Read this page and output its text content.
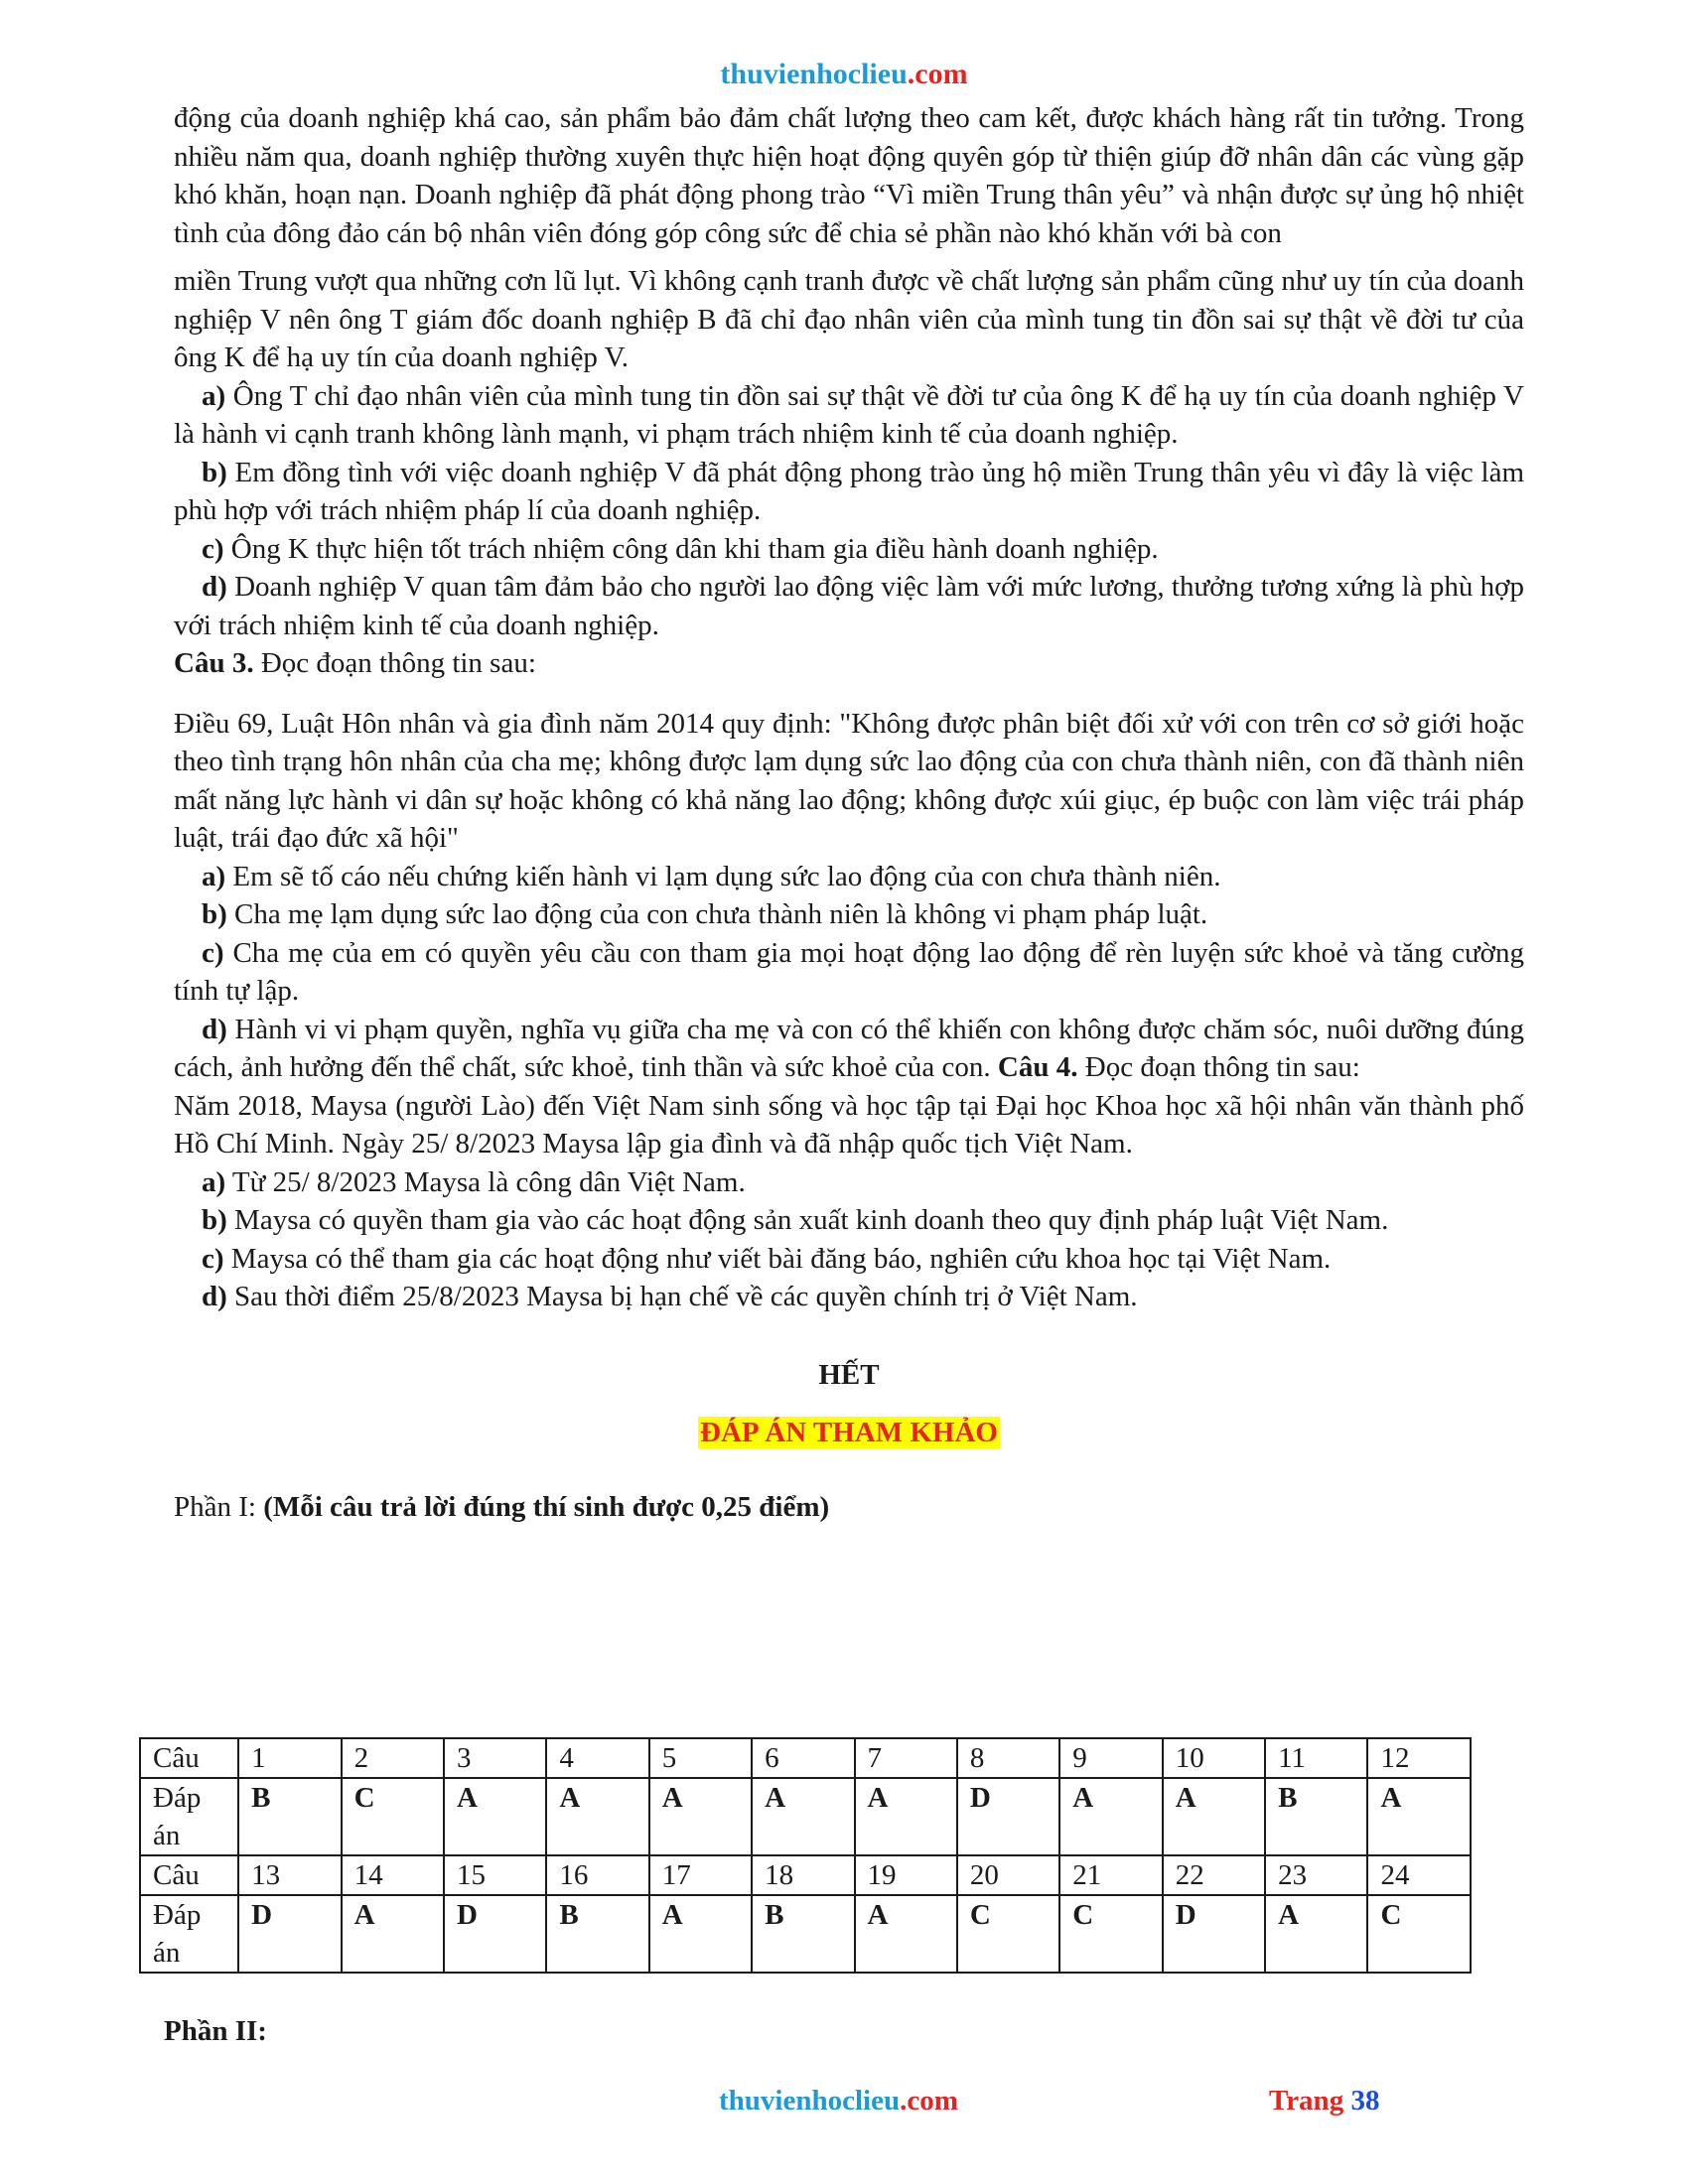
thuvienhoclieu.com

động của doanh nghiệp khá cao, sản phẩm bảo đảm chất lượng theo cam kết, được khách hàng rất tin tưởng. Trong nhiều năm qua, doanh nghiệp thường xuyên thực hiện hoạt động quyên góp từ thiện giúp đỡ nhân dân các vùng gặp khó khăn, hoạn nạn. Doanh nghiệp đã phát động phong trào “Vì miền Trung thân yêu” và nhận được sự ủng hộ nhiệt tình của đông đảo cán bộ nhân viên đóng góp công sức để chia sẻ phần nào khó khăn với bà con

miền Trung vượt qua những cơn lũ lụt. Vì không cạnh tranh được về chất lượng sản phẩm cũng như uy tín của doanh nghiệp V nên ông T giám đốc doanh nghiệp B đã chỉ đạo nhân viên của mình tung tin đồn sai sự thật về đời tư của ông K để hạ uy tín của doanh nghiệp V.

a) Ông T chỉ đạo nhân viên của mình tung tin đồn sai sự thật về đời tư của ông K để hạ uy tín của doanh nghiệp V là hành vi cạnh tranh không lành mạnh, vi phạm trách nhiệm kinh tế của doanh nghiệp.

b) Em đồng tình với việc doanh nghiệp V đã phát động phong trào ủng hộ miền Trung thân yêu vì đây là việc làm phù hợp với trách nhiệm pháp lí của doanh nghiệp.

c) Ông K thực hiện tốt trách nhiệm công dân khi tham gia điều hành doanh nghiệp.

d) Doanh nghiệp V quan tâm đảm bảo cho người lao động việc làm với mức lương, thưởng tương xứng là phù hợp với trách nhiệm kinh tế của doanh nghiệp.

Câu 3. Đọc đoạn thông tin sau:

Điều 69, Luật Hôn nhân và gia đình năm 2014 quy định: "Không được phân biệt đối xử với con trên cơ sở giới hoặc theo tình trạng hôn nhân của cha mẹ; không được lạm dụng sức lao động của con chưa thành niên, con đã thành niên mất năng lực hành vi dân sự hoặc không có khả năng lao động; không được xúi giục, ép buộc con làm việc trái pháp luật, trái đạo đức xã hội"

a) Em sẽ tố cáo nếu chứng kiến hành vi lạm dụng sức lao động của con chưa thành niên.

b) Cha mẹ lạm dụng sức lao động của con chưa thành niên là không vi phạm pháp luật.

c) Cha mẹ của em có quyền yêu cầu con tham gia mọi hoạt động lao động để rèn luyện sức khoẻ và tăng cường tính tự lập.

d) Hành vi vi phạm quyền, nghĩa vụ giữa cha mẹ và con có thể khiến con không được chăm sóc, nuôi dưỡng đúng cách, ảnh hưởng đến thể chất, sức khoẻ, tinh thần và sức khoẻ của con. Câu 4. Đọc đoạn thông tin sau:

Năm 2018, Maysa (người Lào) đến Việt Nam sinh sống và học tập tại Đại học Khoa học xã hội nhân văn thành phố Hồ Chí Minh. Ngày 25/ 8/2023 Maysa lập gia đình và đã nhập quốc tịch Việt Nam.

a) Từ 25/ 8/2023 Maysa là công dân Việt Nam.

b) Maysa có quyền tham gia vào các hoạt động sản xuất kinh doanh theo quy định pháp luật Việt Nam.

c) Maysa có thể tham gia các hoạt động như viết bài đăng báo, nghiên cứu khoa học tại Việt Nam.

d) Sau thời điểm 25/8/2023 Maysa bị hạn chế về các quyền chính trị ở Việt Nam.

HẾT

ĐÁP ÁN THAM KHẢO

Phần I: (Mỗi câu trả lời đúng thí sinh được 0,25 điểm)

Câu	1	2	3	4	5	6	7	8	9	10	11	12
Đáp
án	B	C	A	A	A	A	A	D	A	A	B	A
Câu	13	14	15	16	17	18	19	20	21	22	23	24
Đáp
án	D	A	D	B	A	B	A	C	C	D	A	C
Phần II:
thuvienhoclieu.com	Trang 38
